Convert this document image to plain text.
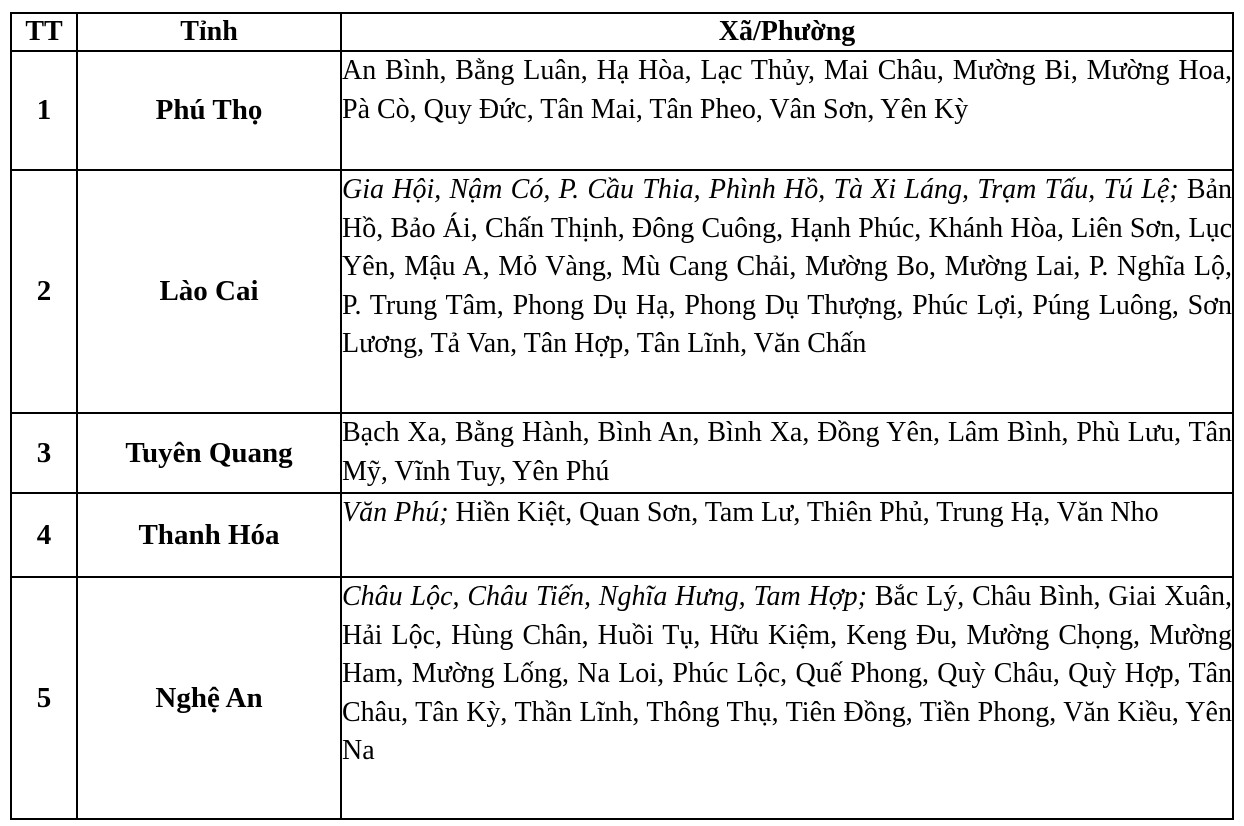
TT	Tỉnh	Xã/Phường
1	Phú Thọ	An Bình, Bằng Luân, Hạ Hòa, Lạc Thủy, Mai Châu, Mường Bi, Mường Hoa, Pà Cò, Quy Đức, Tân Mai, Tân Pheo, Vân Sơn, Yên Kỳ
2	Lào Cai	Gia Hội, Nậm Có, P. Cầu Thia, Phình Hồ, Tà Xi Láng, Trạm Tấu, Tú Lệ; Bản Hồ, Bảo Ái, Chấn Thịnh, Đông Cuông, Hạnh Phúc, Khánh Hòa, Liên Sơn, Lục Yên, Mậu A, Mỏ Vàng, Mù Cang Chải, Mường Bo, Mường Lai, P. Nghĩa Lộ, P. Trung Tâm, Phong Dụ Hạ, Phong Dụ Thượng, Phúc Lợi, Púng Luông, Sơn Lương, Tả Van, Tân Hợp, Tân Lĩnh, Văn Chấn
3	Tuyên Quang	Bạch Xa, Bằng Hành, Bình An, Bình Xa, Đồng Yên, Lâm Bình, Phù Lưu, Tân Mỹ, Vĩnh Tuy, Yên Phú
4	Thanh Hóa	Văn Phú; Hiền Kiệt, Quan Sơn, Tam Lư, Thiên Phủ, Trung Hạ, Văn Nho
5	Nghệ An	Châu Lộc, Châu Tiến, Nghĩa Hưng, Tam Hợp; Bắc Lý, Châu Bình, Giai Xuân, Hải Lộc, Hùng Chân, Huồi Tụ, Hữu Kiệm, Keng Đu, Mường Chọng, Mường Ham, Mường Lống, Na Loi, Phúc Lộc, Quế Phong, Quỳ Châu, Quỳ Hợp, Tân Châu, Tân Kỳ, Thần Lĩnh, Thông Thụ, Tiên Đồng, Tiền Phong, Văn Kiều, Yên Na
